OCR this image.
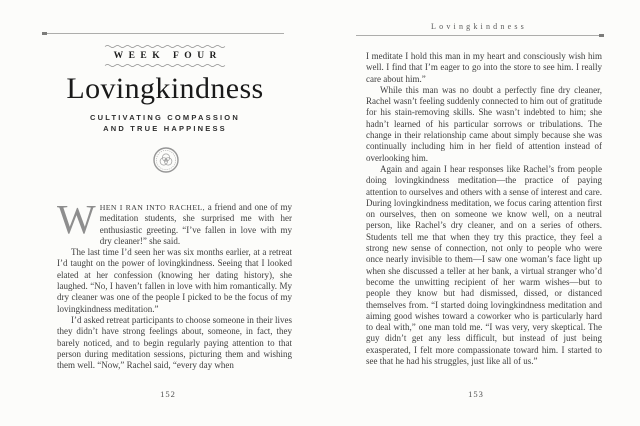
WEEK FOUR
Lovingkindness
CULTIVATING COMPASSION
AND TRUE HAPPINESS

W HEN I RAN INTO RACHEL, a friend and one of my meditation students, she surprised me with her enthusiastic greeting. “I’ve fallen in love with my dry cleaner!” she said.

The last time I’d seen her was six months earlier, at a retreat I’d taught on the power of lovingkindness. Seeing that I looked elated at her confession (knowing her dating history), she laughed. “No, I haven’t fallen in love with him romantically. My dry cleaner was one of the people I picked to be the focus of my lovingkindness meditation.”

I’d asked retreat participants to choose someone in their lives they didn’t have strong feelings about, someone, in fact, they barely noticed, and to begin regularly paying attention to that person during meditation sessions, picturing them and wishing them well. “Now,” Rachel said, “every day when

152
Lovingkindness

I meditate I hold this man in my heart and consciously wish him well. I find that I’m eager to go into the store to see him. I really care about him.”

While this man was no doubt a perfectly fine dry cleaner, Rachel wasn’t feeling suddenly connected to him out of gratitude for his stain-removing skills. She wasn’t indebted to him; she hadn’t learned of his particular sorrows or tribulations. The change in their relationship came about simply because she was continually including him in her field of attention instead of overlooking him.

Again and again I hear responses like Rachel’s from people doing lovingkindness meditation—the practice of paying attention to ourselves and others with a sense of interest and care. During lovingkindness meditation, we focus caring attention first on ourselves, then on someone we know well, on a neutral person, like Rachel’s dry cleaner, and on a series of others. Students tell me that when they try this practice, they feel a strong new sense of connection, not only to people who were once nearly invisible to them—I saw one woman’s face light up when she discussed a teller at her bank, a virtual stranger who’d become the unwitting recipient of her warm wishes—but to people they know but had dismissed, dissed, or distanced themselves from. “I started doing lovingkindness meditation and aiming good wishes toward a coworker who is particularly hard to deal with,” one man told me. “I was very, very skeptical. The guy didn’t get any less difficult, but instead of just being exasperated, I felt more compassionate toward him. I started to see that he had his struggles, just like all of us.”

153
